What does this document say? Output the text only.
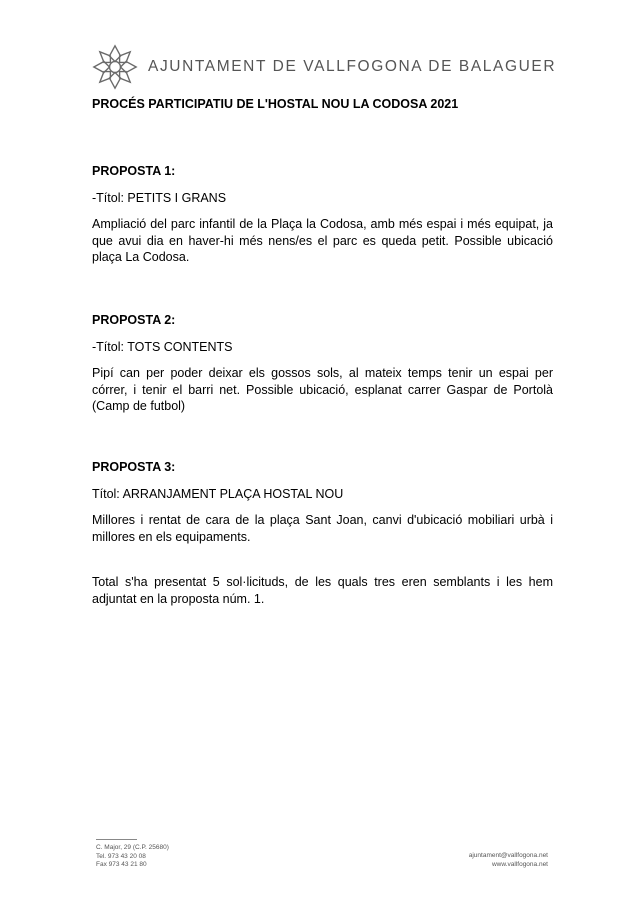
AJUNTAMENT DE VALLFOGONA DE BALAGUER
PROCÉS PARTICIPATIU DE L'HOSTAL NOU LA CODOSA 2021

PROPOSTA 1:

-Títol: PETITS I GRANS

Ampliació del parc infantil de la Plaça la Codosa, amb més espai i més equipat, ja que avui dia en haver-hi més nens/es el parc es queda petit. Possible ubicació plaça La Codosa.

PROPOSTA 2:

-Títol: TOTS CONTENTS

Pipí can per poder deixar els gossos sols, al mateix temps tenir un espai per córrer, i tenir el barri net. Possible ubicació, esplanat carrer Gaspar de Portolà (Camp de futbol)

PROPOSTA 3:

Títol: ARRANJAMENT PLAÇA HOSTAL NOU

Millores i rentat de cara de la plaça Sant Joan, canvi d'ubicació mobiliari urbà i millores en els equipaments.

Total s'ha presentat 5 sol·licituds, de les quals tres eren semblants i les hem adjuntat en la proposta núm. 1.

C. Major, 29 (C.P. 25680)
Tel. 973 43 20 08
Fax 973 43 21 80
ajuntament@vallfogona.net
www.vallfogona.net
